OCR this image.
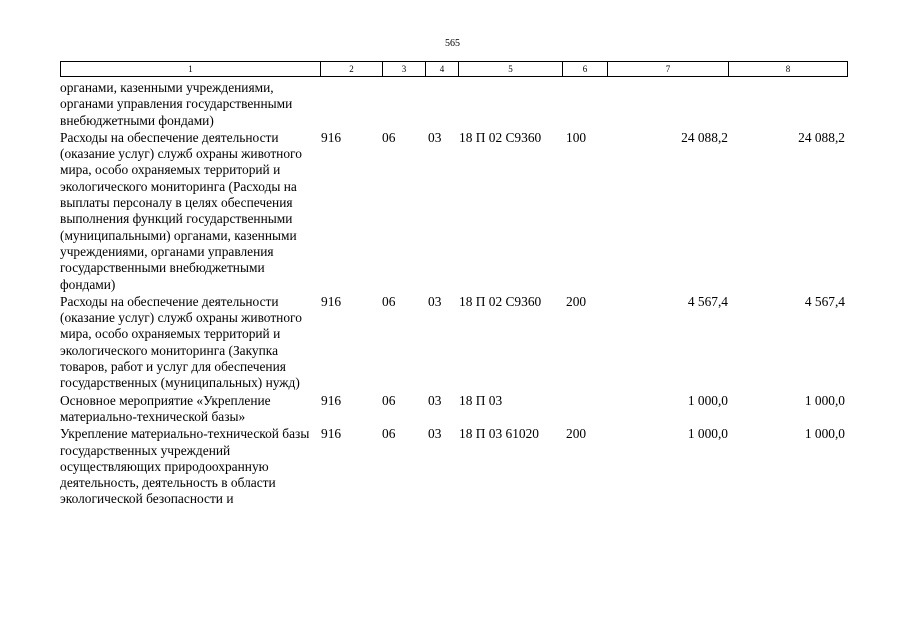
565
1	2	3	4	5	6	7	8
органами, казенными учреждениями, органами управления государственными внебюджетными фондами)							
Расходы на обеспечение деятельности (оказание услуг) служб охраны животного мира, особо охраняемых территорий и экологического мониторинга (Расходы на выплаты персоналу в целях обеспечения выполнения функций государственными (муниципальными) органами, казенными учреждениями, органами управления государственными внебюджетными фондами)	916	06	03	18 П 02 С9360	100	24 088,2	24 088,2
Расходы на обеспечение деятельности (оказание услуг) служб охраны животного мира, особо охраняемых территорий и экологического мониторинга (Закупка товаров, работ и услуг для обеспечения государственных (муниципальных) нужд)	916	06	03	18 П 02 С9360	200	4 567,4	4 567,4
Основное мероприятие «Укрепление материально-технической базы»	916	06	03	18 П 03		1 000,0	1 000,0
Укрепление материально-технической базы государственных учреждений осуществляющих природоохранную деятельность, деятельность в области экологической безопасности и	916	06	03	18 П 03 61020	200	1 000,0	1 000,0
